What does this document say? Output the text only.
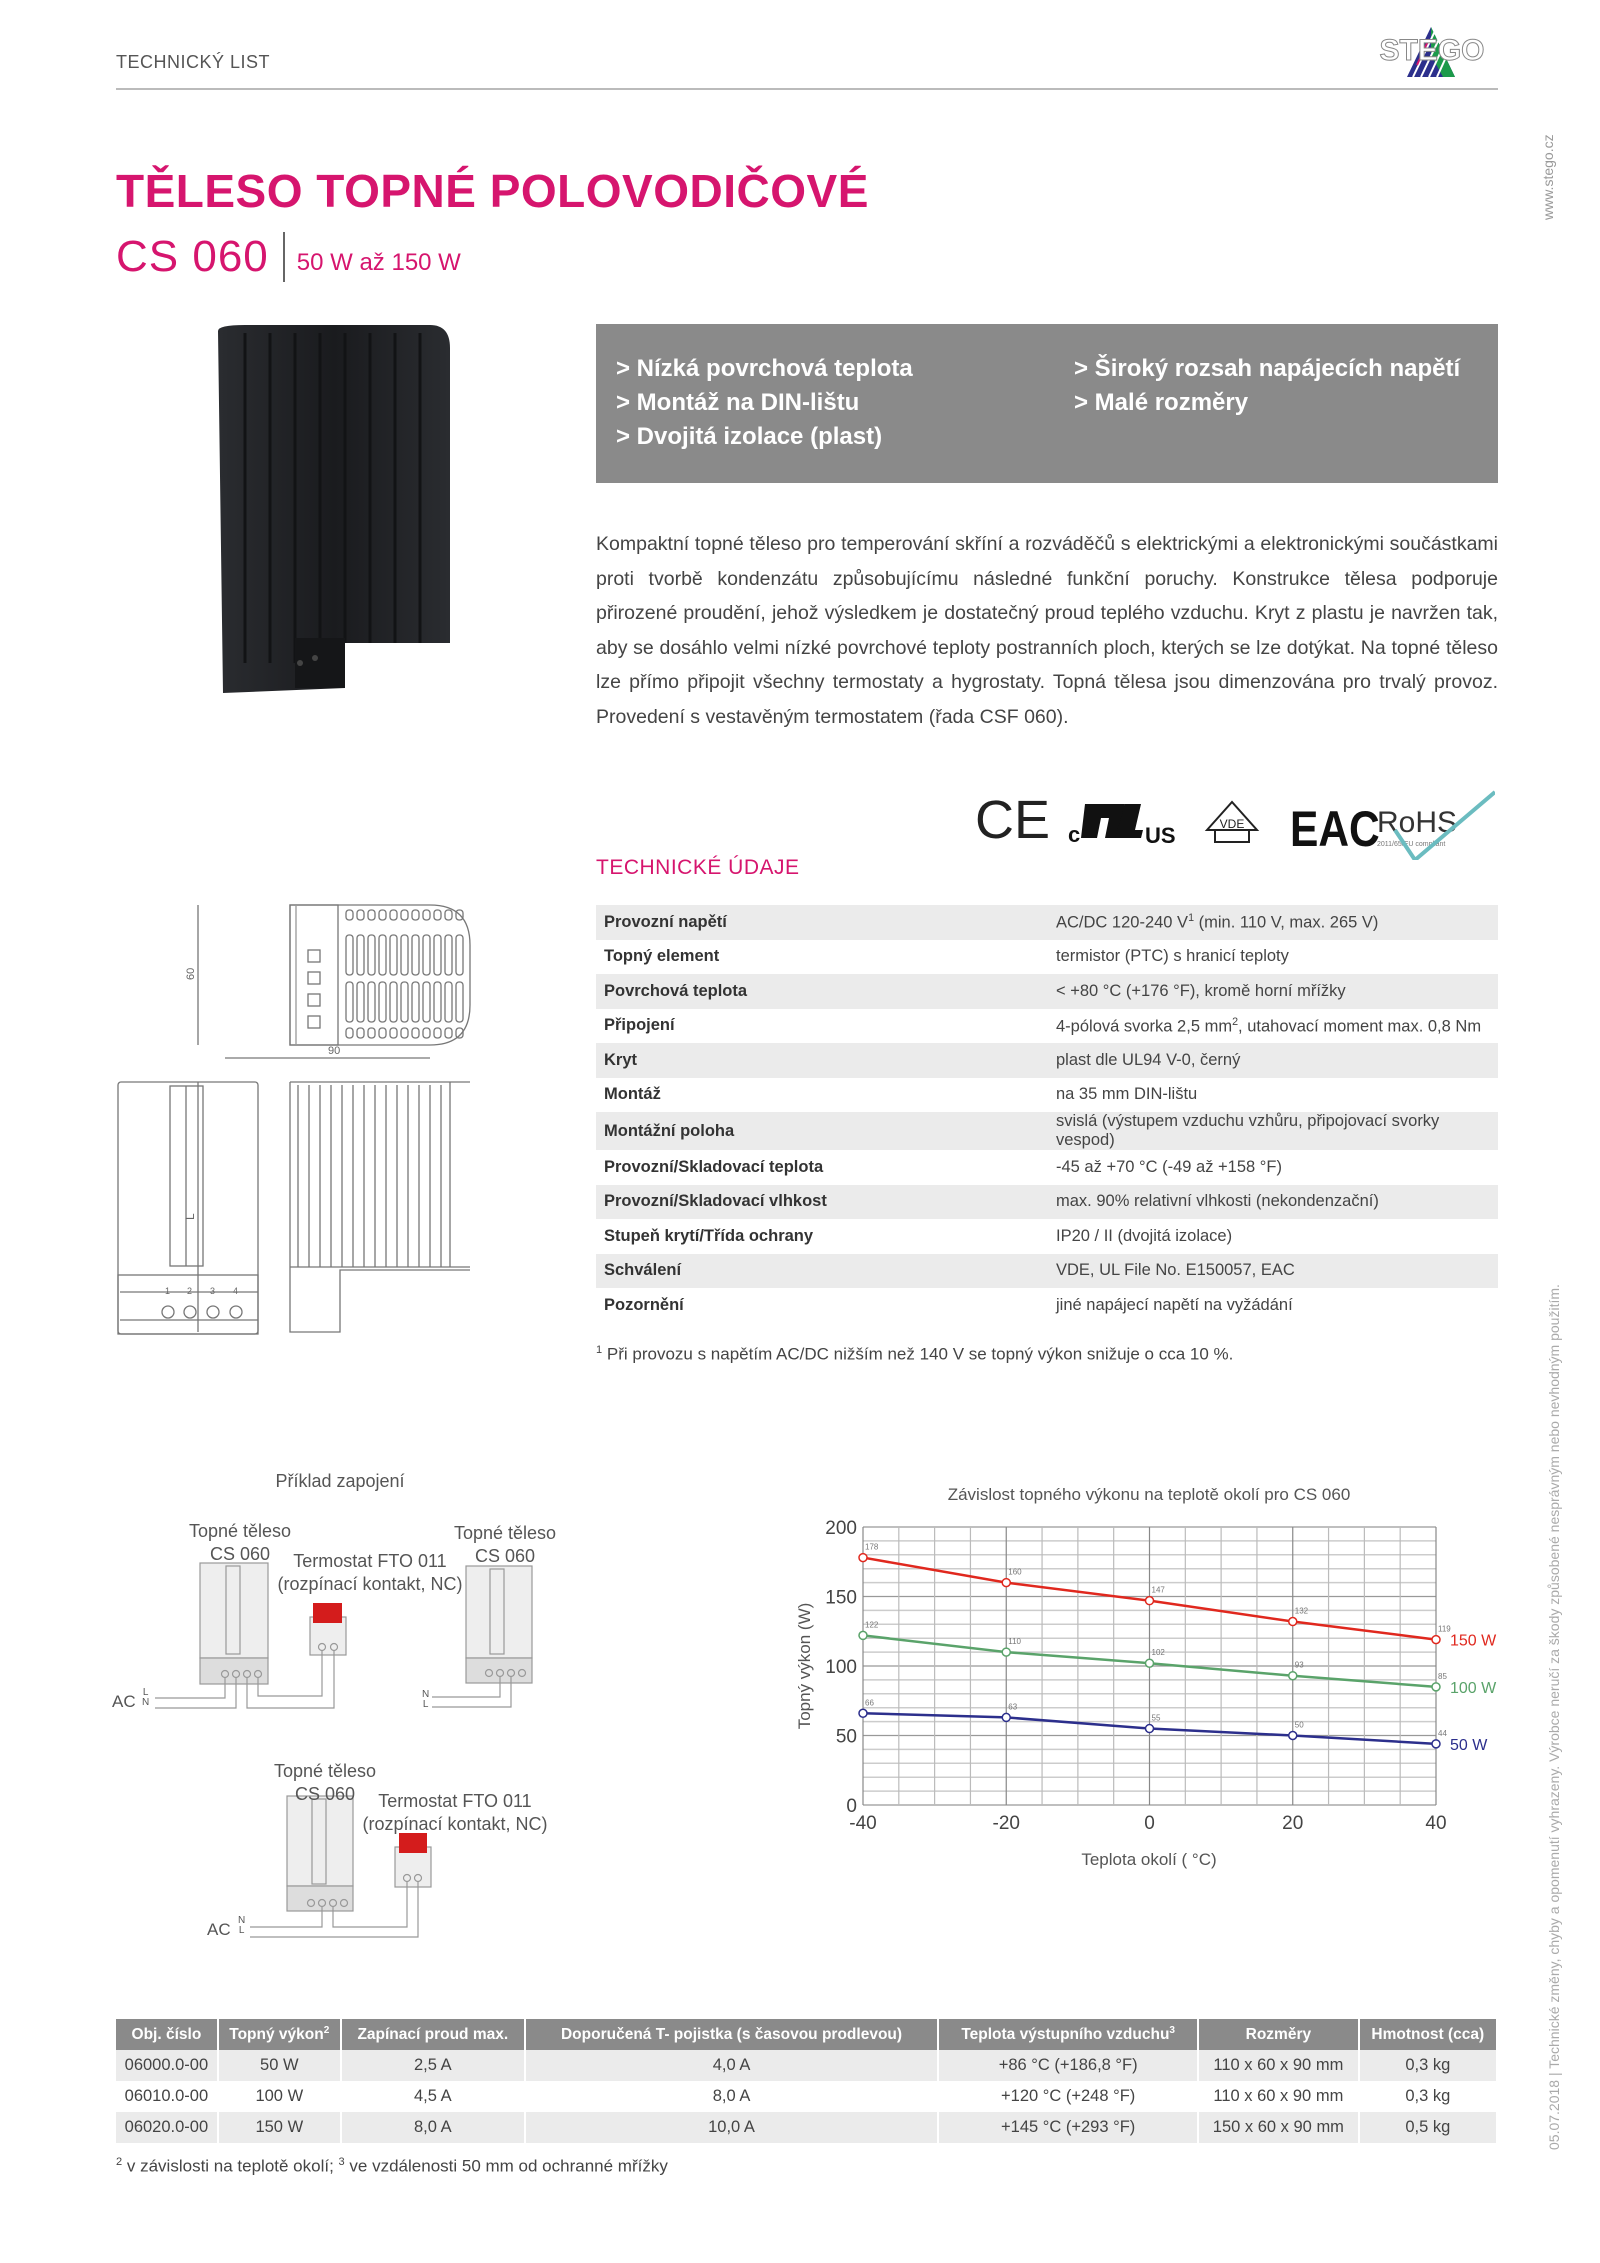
TECHNICKÝ LIST	STEGO
www.stego.cz
05.07.2018 | Technické změny, chyby a opomenutí vyhrazeny. Výrobce neručí za škody způsobené nesprávným nebo nevhodným použitím.
TĚLESO TOPNÉ POLOVODIČOVÉ
CS 060	50 W až 150 W
> Nízká povrchová teplota
> Montáž na DIN-lištu
> Dvojitá izolace (plast)
> Široký rozsah napájecích napětí
> Malé rozměry

Kompaktní topné těleso pro temperování skříní a rozváděčů s elektrickými a elektronickými součástkami proti tvorbě kondenzátu způsobujícímu následné funkční poruchy. Konstrukce tělesa podporuje přirozené proudění, jehož výsledkem je dostatečný proud teplého vzduchu. Kryt z plastu je navržen tak, aby se dosáhlo velmi nízké povrchové teploty postranních ploch, kterých se lze dotýkat. Na topné těleso lze přímo připojit všechny termostaty a hygrostaty. Topná tělesa jsou dimenzována pro trvalý provoz. Provedení s vestavěným termostatem (řada CSF 060).

CE c	US	VDE EAC
RoHS
2011/65/EU compliant
TECHNICKÉ ÚDAJE
Provozní napětí	AC/DC 120-240 $V^1$ (min. 110 V, max. 265 V)
Topný element	termistor (PTC) s hranicí teploty
Povrchová teplota	< +80 °C (+176 °F), kromě horní mřížky
Připojení	4-pólová svorka 2,5 $mm^2$, utahovací moment max. 0,8 Nm
Kryt	plast dle UL94 V-0, černý
Montáž	na 35 mm DIN-lištu
Montážní poloha	svislá (výstupem vzduchu vzhůru, připojovací svorky vespod)
Provozní/Skladovací teplota	-45 až +70 °C (-49 až +158 °F)
Provozní/Skladovací vlhkost	max. 90% relativní vlhkosti (nekondenzační)
Stupeň krytí/Třída ochrany	IP20 / II (dvojitá izolace)
Schválení	VDE, UL File No. E150057, EAC
Pozornění	jiné napájecí napětí na vyžádání
$^1$ Při provozu s napětím AC/DC nižším než 140 V se topný výkon snižuje o cca 10 %.
60
90
1 2 3 4
L
Příklad zapojení
Topné těleso
CS 060	Termostat FTO 011
(rozpínací kontakt, NC)
Topné těleso
CS 060
Topné těleso
CS 060	Termostat FTO 011
(rozpínací kontakt, NC)
AC L
N
N
L
AC N
L
Závislost topného výkonu na teplotě okolí pro CS 060
0
50
100
150
200
-40	-20	0	20	40
178
160
147
132
119
150 W
122
110
102
93
85
100 W
66	63
55
50
44
50 W
Teplota okolí ( °C)
Topný výkon (W)
Obj. číslo	Topný výkon$^2$	Zapínací proud max.	Doporučená T- pojistka (s časovou prodlevou)	Teplota výstupního vzduchu$^3$	Rozměry	Hmotnost (cca)
06000.0-00	50 W	2,5 A	4,0 A	+86 °C (+186,8 °F)	110 x 60 x 90 mm	0,3 kg
06010.0-00	100 W	4,5 A	8,0 A	+120 °C (+248 °F)	110 x 60 x 90 mm	0,3 kg
06020.0-00	150 W	8,0 A	10,0 A	+145 °C (+293 °F)	150 x 60 x 90 mm	0,5 kg
$^2$ v závislosti na teplotě okolí; $^3$ ve vzdálenosti 50 mm od ochranné mřížky
